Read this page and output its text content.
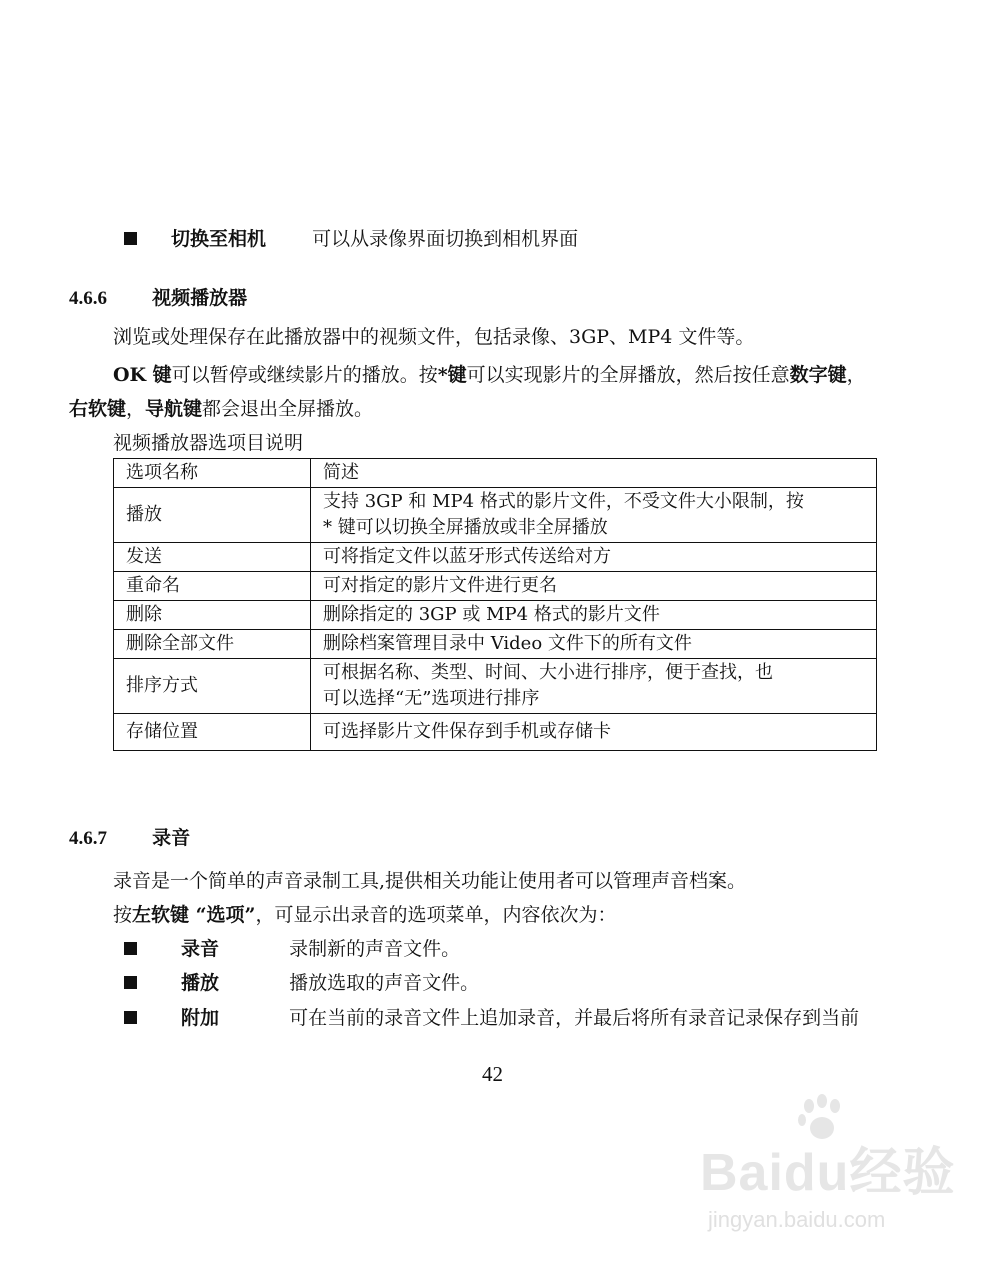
切换至相机 可以从录像界面切换到相机界面
4.6.6 视频播放器
浏览或处理保存在此播放器中的视频文件，包括录像、3GP、MP4 文件等。
OK 键可以暂停或继续影片的播放。按*键可以实现影片的全屏播放，然后按任意数字键，
右软键，导航键都会退出全屏播放。
视频播放器选项目说明
选项名称	简述
播放	支持 3GP 和 MP4 格式的影片文件，不受文件大小限制，按
* 键可以切换全屏播放或非全屏播放

发送	可将指定文件以蓝牙形式传送给对方
重命名	可对指定的影片文件进行更名
删除	删除指定的 3GP 或 MP4 格式的影片文件
删除全部文件	删除档案管理目录中 Video 文件下的所有文件
排序方式	可根据名称、类型、时间、大小进行排序，便于查找，也
可以选择“无”选项进行排序

存储位置	可选择影片文件保存到手机或存储卡
4.6.7 录音
录音是一个简单的声音录制工具,提供相关功能让使用者可以管理声音档案。
按左软键 “选项”，可显示出录音的选项菜单，内容依次为：
录音	录制新的声音文件。
播放	播放选取的声音文件。
附加	可在当前的录音文件上追加录音，并最后将所有录音记录保存到当前
42
Baidu经验
jingyan.baidu.com
